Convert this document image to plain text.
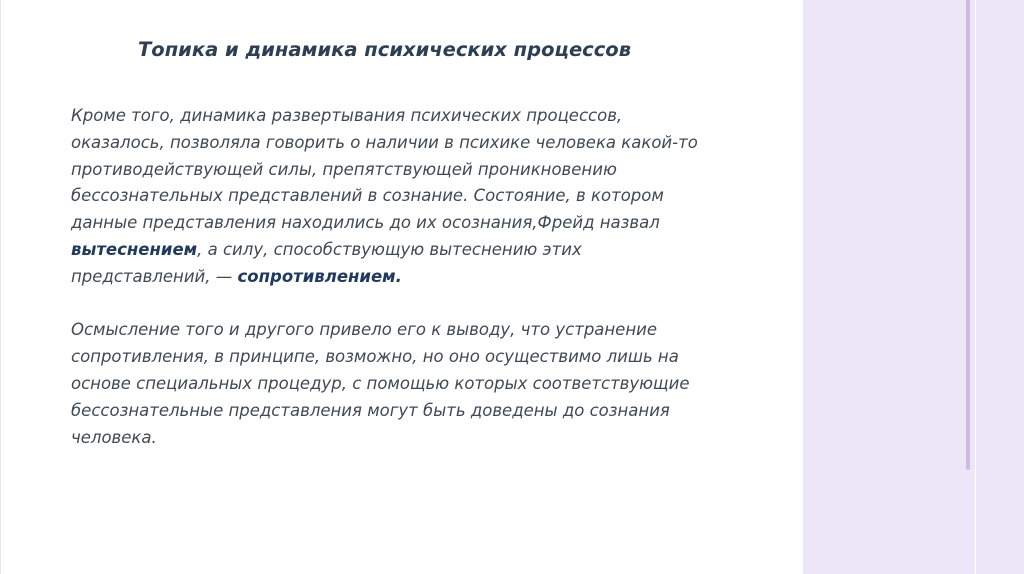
Топика и динамика психических процессов

Кроме того, динамика развертывания психических процессов,
оказалось, позволяла говорить о наличии в психике человека какой-то
противодействующей силы, препятствующей проникновению
бессознательных представлений в сознание. Состояние, в котором
данные представления находились до их осознания,Фрейд назвал
вытеснением, а силу, способствующую вытеснению этих
представлений, — сопротивлением.

Осмысление того и другого привело его к выводу, что устранение
сопротивления, в принципе, возможно, но оно осуществимо лишь на
основе специальных процедур, с помощью которых соответствующие
бессознательные представления могут быть доведены до сознания
человека.
